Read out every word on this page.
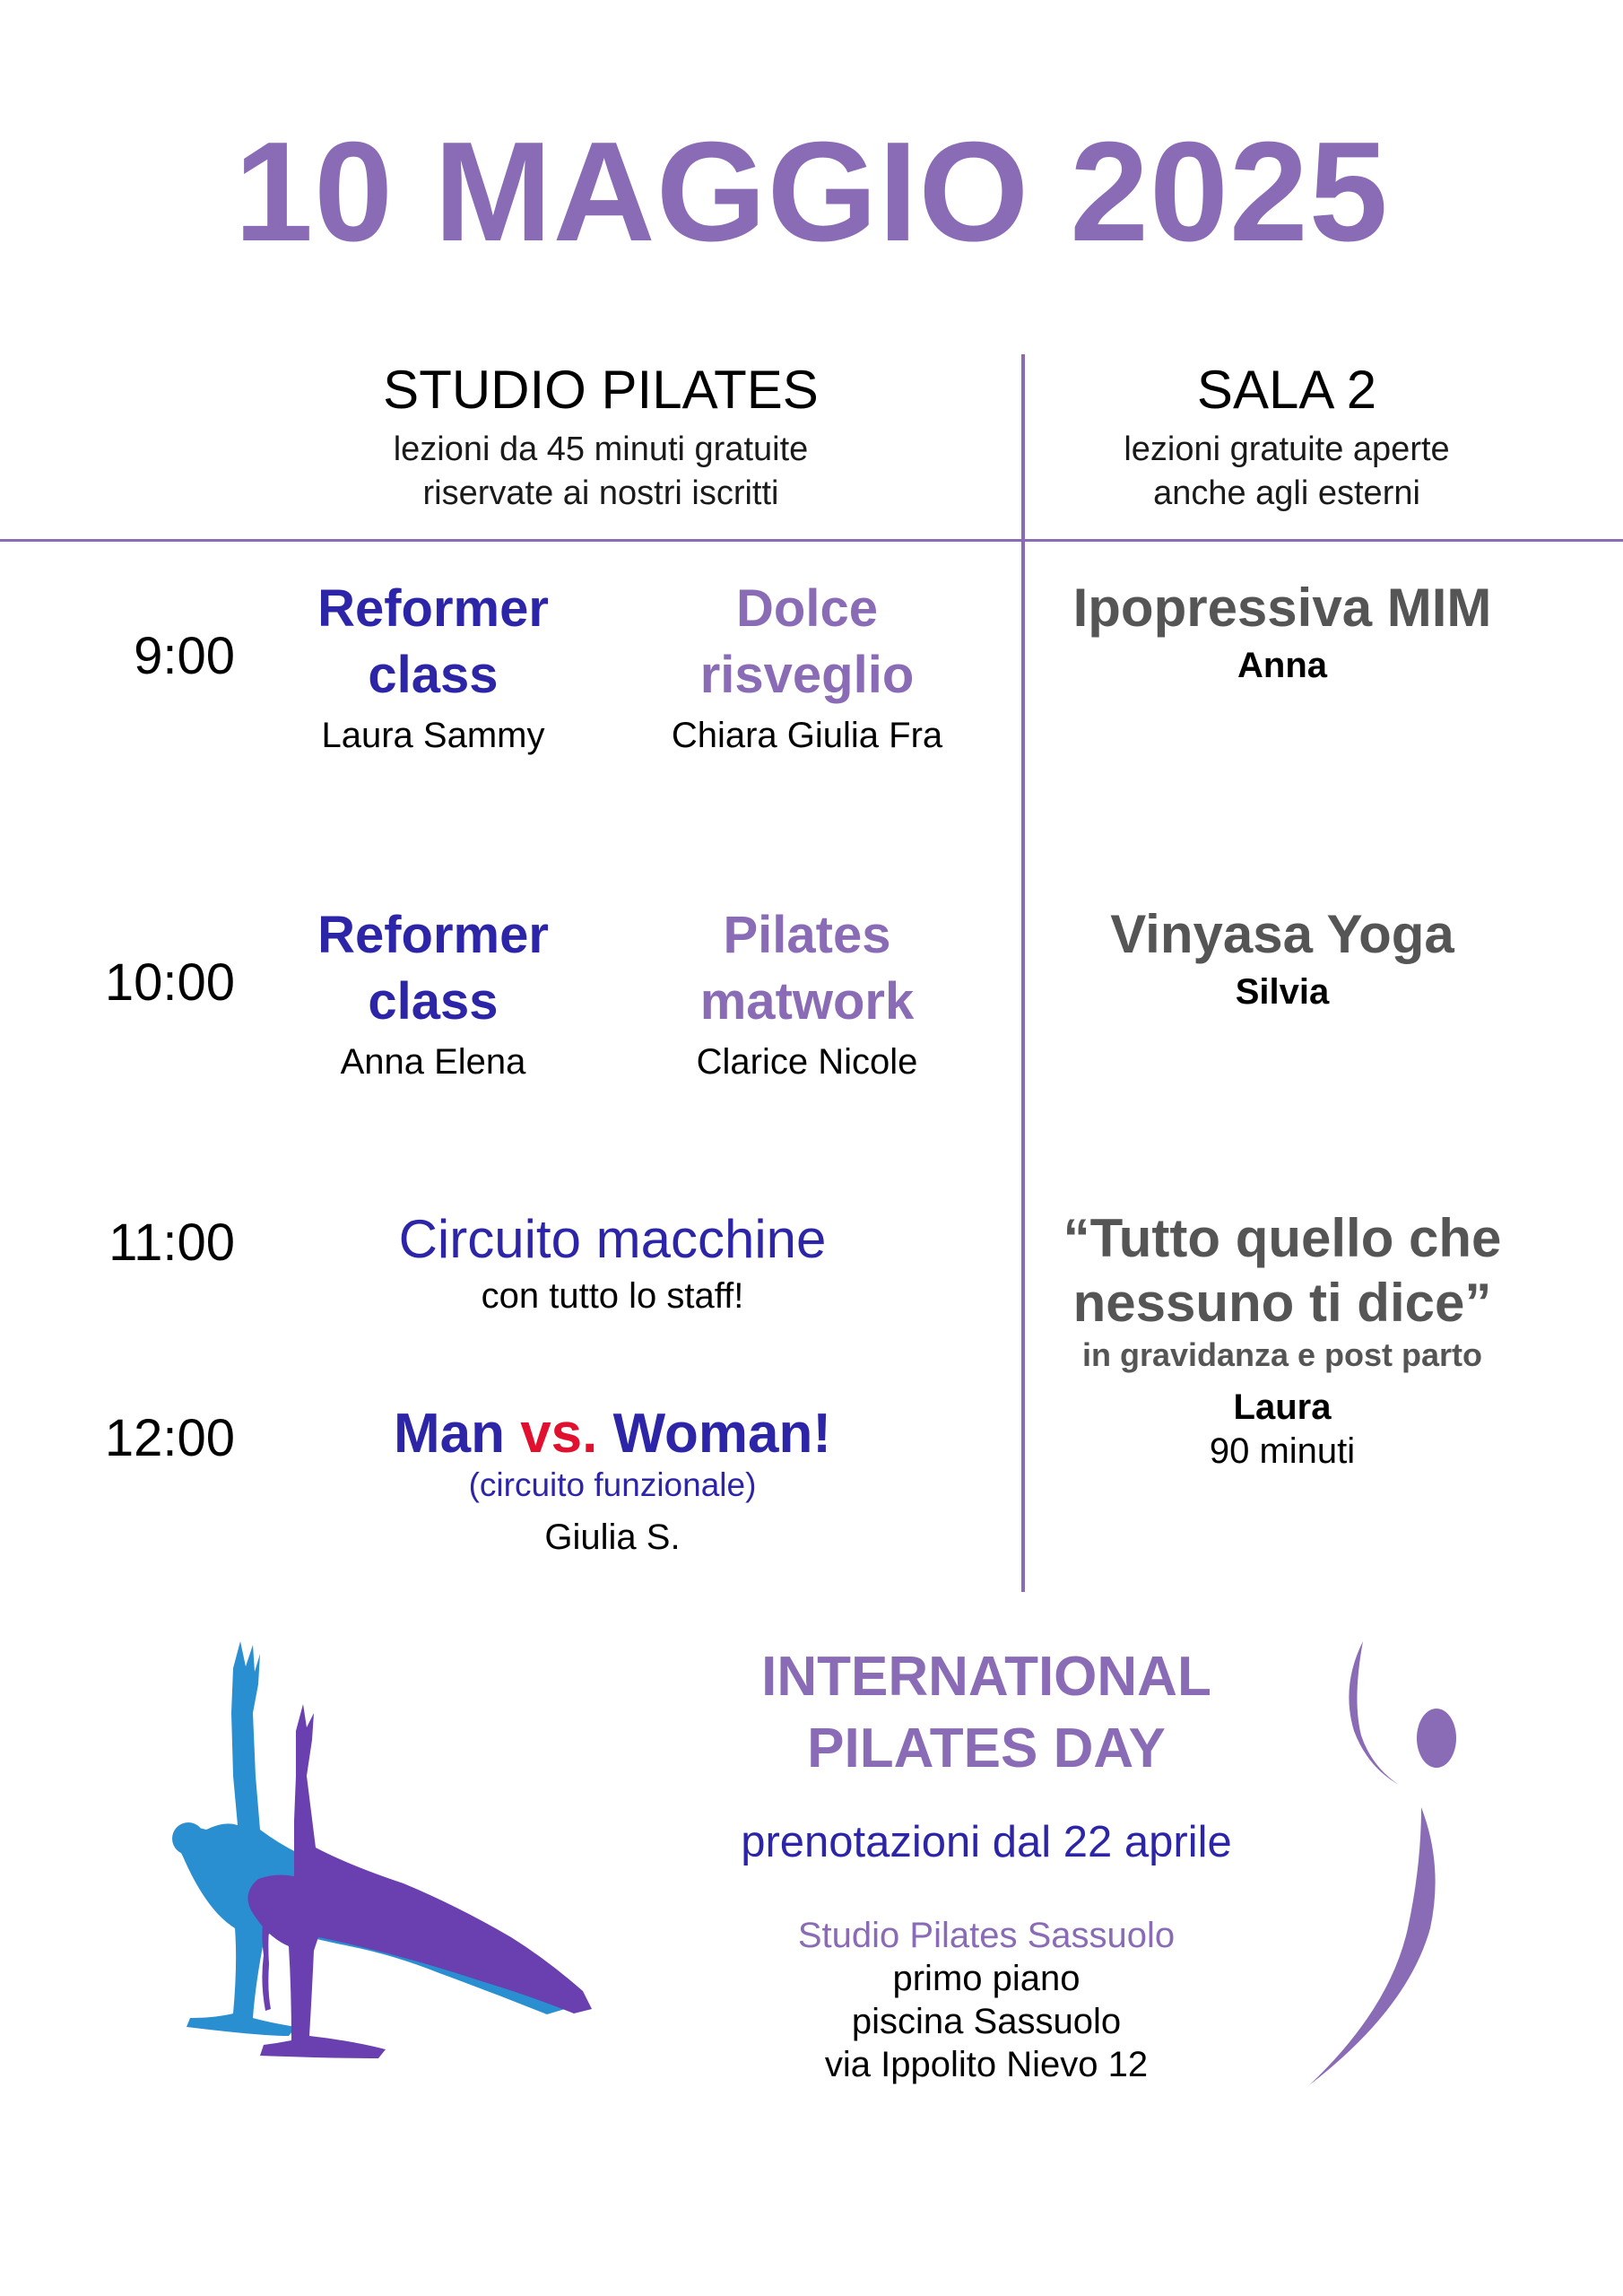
10 MAGGIO 2025
STUDIO PILATES
lezioni da 45 minuti gratuite
riservate ai nostri iscritti
SALA 2
lezioni gratuite aperte
anche agli esterni
9:00
10:00
11:00
12:00
Reformer
class
Laura Sammy
Dolce
risveglio
Chiara Giulia Fra
Ipopressiva MIM
Anna
Reformer
class
Anna Elena
Pilates
matwork
Clarice Nicole
Vinyasa Yoga
Silvia
Circuito macchine
con tutto lo staff!
“Tutto quello che
nessuno ti dice”
in gravidanza e post parto
Laura
90 minuti
Man vs. Woman!
(circuito funzionale)
Giulia S.
INTERNATIONAL
PILATES DAY
prenotazioni dal 22 aprile
Studio Pilates Sassuolo
primo piano
piscina Sassuolo
via Ippolito Nievo 12
